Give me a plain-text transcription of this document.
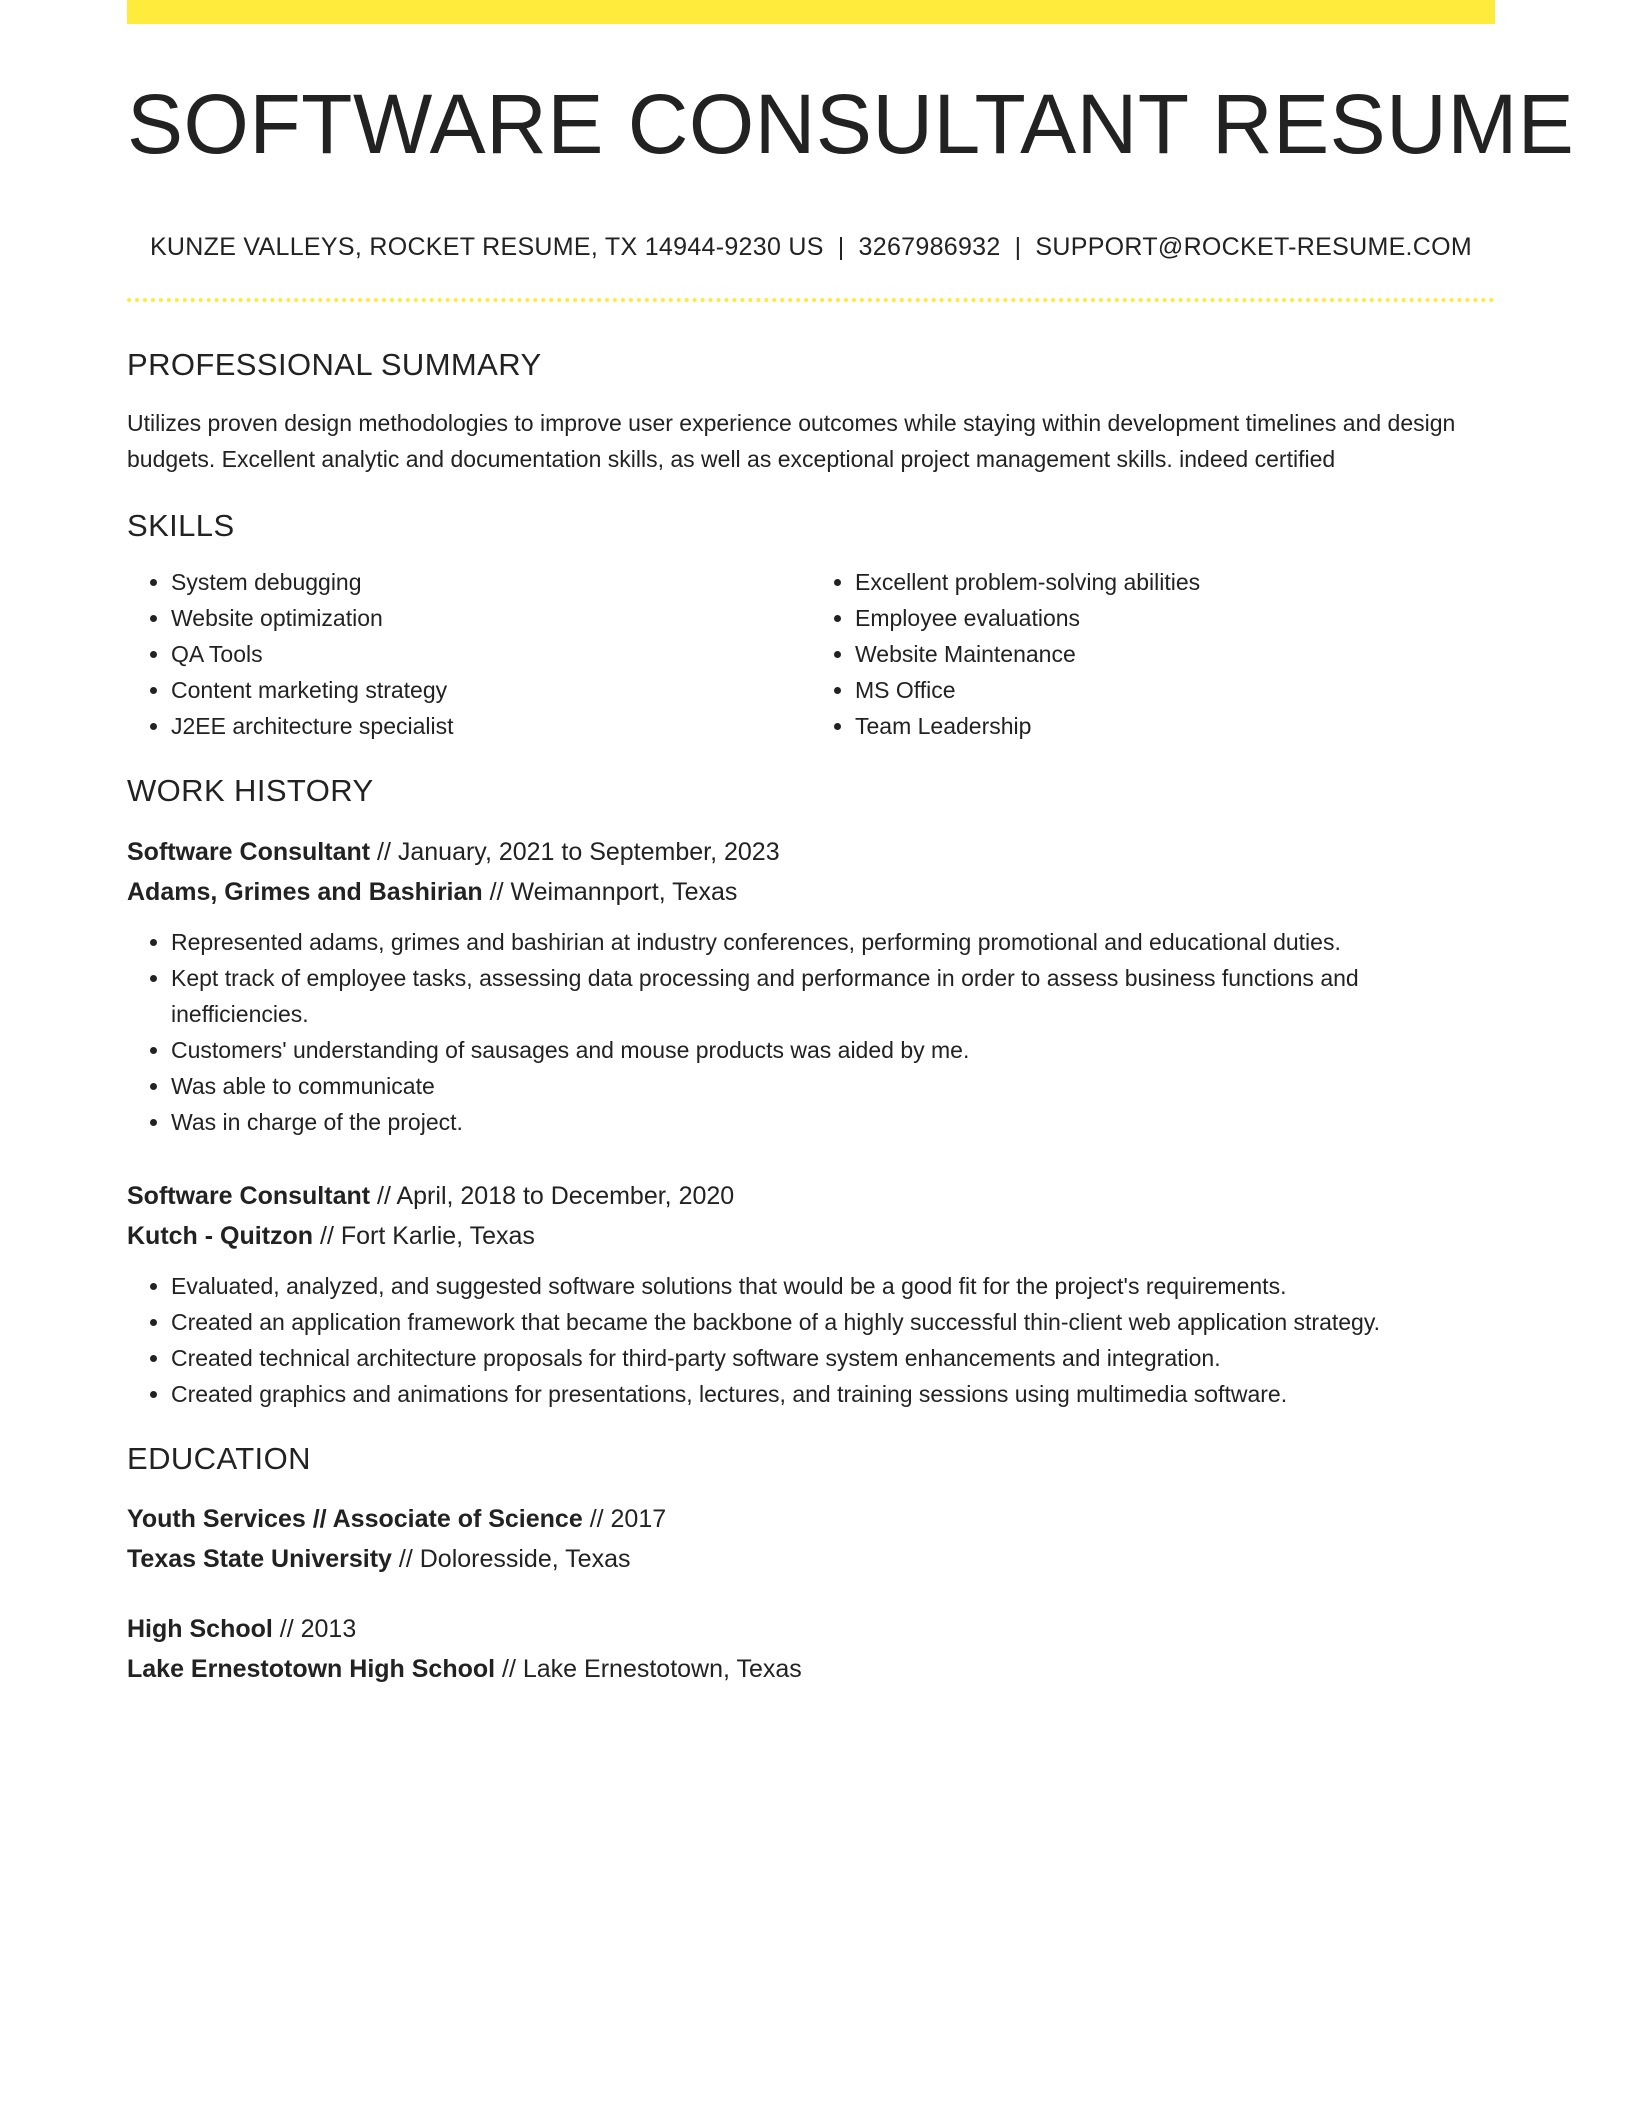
SOFTWARE CONSULTANT RESUME
KUNZE VALLEYS, ROCKET RESUME, TX 14944-9230 US | 3267986932 | SUPPORT@ROCKET-RESUME.COM
PROFESSIONAL SUMMARY
Utilizes proven design methodologies to improve user experience outcomes while staying within development timelines and design budgets. Excellent analytic and documentation skills, as well as exceptional project management skills. indeed certified
SKILLS
• System debugging
• Website optimization
• QA Tools
• Content marketing strategy
• J2EE architecture specialist
• Excellent problem-solving abilities
• Employee evaluations
• Website Maintenance
• MS Office
• Team Leadership
WORK HISTORY
Software Consultant // January, 2021 to September, 2023
Adams, Grimes and Bashirian // Weimannport, Texas
• Represented adams, grimes and bashirian at industry conferences, performing promotional and educational duties.
• Kept track of employee tasks, assessing data processing and performance in order to assess business functions and inefficiencies.
• Customers' understanding of sausages and mouse products was aided by me.
• Was able to communicate
• Was in charge of the project.
Software Consultant // April, 2018 to December, 2020
Kutch - Quitzon // Fort Karlie, Texas
• Evaluated, analyzed, and suggested software solutions that would be a good fit for the project's requirements.
• Created an application framework that became the backbone of a highly successful thin-client web application strategy.
• Created technical architecture proposals for third-party software system enhancements and integration.
• Created graphics and animations for presentations, lectures, and training sessions using multimedia software.
EDUCATION
Youth Services // Associate of Science // 2017
Texas State University // Doloresside, Texas
High School // 2013
Lake Ernestotown High School // Lake Ernestotown, Texas
